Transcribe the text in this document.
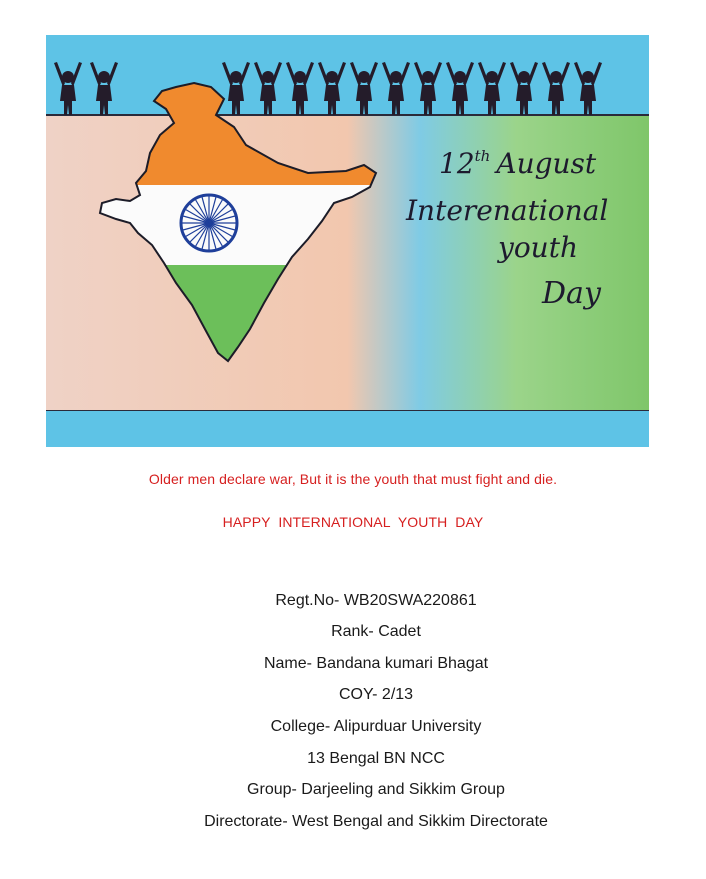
12th August
Interenational
youth
Day
Older men declare war, But it is the youth that must fight and die.
HAPPY INTERNATIONAL YOUTH DAY
Regt.No- WB20SWA220861
Rank- Cadet
Name- Bandana kumari Bhagat
COY- 2/13
College- Alipurduar University
13 Bengal BN NCC
Group- Darjeeling and Sikkim Group
Directorate- West Bengal and Sikkim Directorate
